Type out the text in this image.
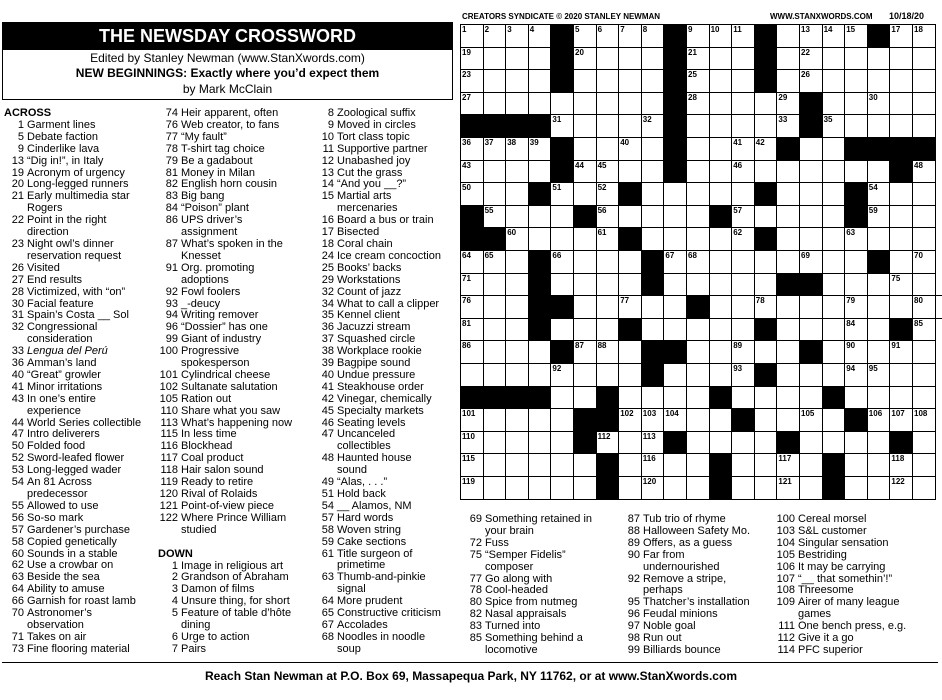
THE NEWSDAY CROSSWORD
Edited by Stanley Newman (www.StanXwords.com)
NEW BEGINNINGS: Exactly where you’d expect them
by Mark McClain
CREATORS SYNDICATE © 2020 STANLEY NEWMAN	WWW.STANXWORDS.COM 10/18/20
1 2 3 4	5 6 7 8	9 10 11	13 14 15	17 18
19	20	21	22
23	25	26
27	28	29	30
31	32	33	35
36 37 38 39	40	41 42
43	44 45	46	48
50	51	52	54
55	56	57	59
60	61	62	63
64 65	66	67 68	69	70
71	75
76	77	78	79	80
81	84	85
86	87 88	89	90	91
92	93	94 95
101	102 103 104	105	106 107 108
110	112	113
115	116	117	118
119	120	121	122
ACROSS
1 Garment lines
5 Debate faction
9 Cinderlike lava
13 “Dig in!”, in Italy
19 Acronym of urgency
20 Long-legged runners
21 Early multimedia star
Rogers
22 Point in the right
direction
23 Night owl’s dinner
reservation request
26 Visited
27 End results
28 Victimized, with “on”
30 Facial feature
31 Spain’s Costa __ Sol
32 Congressional
consideration
33 Lengua del Perú
36 Amman’s land
40 “Great” growler
41 Minor irritations
43 In one’s entire
experience
44 World Series collectible
47 Intro deliverers
50 Folded food
52 Sword-leafed flower
53 Long-legged wader
54 An 81 Across
predecessor
55 Allowed to use
56 So-so mark
57 Gardener’s purchase
58 Copied genetically
60 Sounds in a stable
62 Use a crowbar on
63 Beside the sea
64 Ability to amuse
66 Garnish for roast lamb
70 Astronomer’s
observation
71 Takes on air
73 Fine flooring material
74 Heir apparent, often
76 Web creator, to fans
77 “My fault”
78 T-shirt tag choice
79 Be a gadabout
81 Money in Milan
82 English horn cousin
83 Big bang
84 “Poison” plant
86 UPS driver’s
assignment
87 What’s spoken in the
Knesset
91 Org. promoting
adoptions
92 Fowl foolers
93 _-deucy
94 Writing remover
96 “Dossier” has one
99 Giant of industry
100 Progressive
spokesperson
101 Cylindrical cheese
102 Sultanate salutation
105 Ration out
110 Share what you saw
113 What’s happening now
115 In less time
116 Blockhead
117 Coal product
118 Hair salon sound
119 Ready to retire
120 Rival of Rolaids
121 Point-of-view piece
122 Where Prince William
studied
DOWN
1 Image in religious art
2 Grandson of Abraham
3 Damon of films
4 Unsure thing, for short
5 Feature of table d’hôte
dining
6 Urge to action
7 Pairs
8 Zoological suffix
9 Moved in circles
10 Tort class topic
11 Supportive partner
12 Unabashed joy
13 Cut the grass
14 “And you __?”
15 Martial arts
mercenaries
16 Board a bus or train
17 Bisected
18 Coral chain
24 Ice cream concoction
25 Books’ backs
29 Workstations
32 Count of jazz
34 What to call a clipper
35 Kennel client
36 Jacuzzi stream
37 Squashed circle
38 Workplace rookie
39 Bagpipe sound
40 Undue pressure
41 Steakhouse order
42 Vinegar, chemically
45 Specialty markets
46 Seating levels
47 Uncanceled
collectibles
48 Haunted house
sound
49 “Alas, . . .”
51 Hold back
54 __ Alamos, NM
57 Hard words
58 Woven string
59 Cake sections
61 Title surgeon of
primetime
63 Thumb-and-pinkie
signal
64 More prudent
65 Constructive criticism
67 Accolades
68 Noodles in noodle
soup
69 Something retained in
your brain
72 Fuss
75 “Semper Fidelis”
composer
77 Go along with
78 Cool-headed
80 Spice from nutmeg
82 Nasal appraisals
83 Turned into
85 Something behind a
locomotive
87 Tub trio of rhyme
88 Halloween Safety Mo.
89 Offers, as a guess
90 Far from
undernourished
92 Remove a stripe,
perhaps
95 Thatcher’s installation
96 Feudal minions
97 Noble goal
98 Run out
99 Billiards bounce
100 Cereal morsel
103 S&L customer
104 Singular sensation
105 Bestriding
106 It may be carrying
107 “__ that somethin’!”
108 Threesome
109 Airer of many league
games
111 One bench press, e.g.
112 Give it a go
114 PFC superior
Reach Stan Newman at P.O. Box 69, Massapequa Park, NY 11762, or at www.StanXwords.com
